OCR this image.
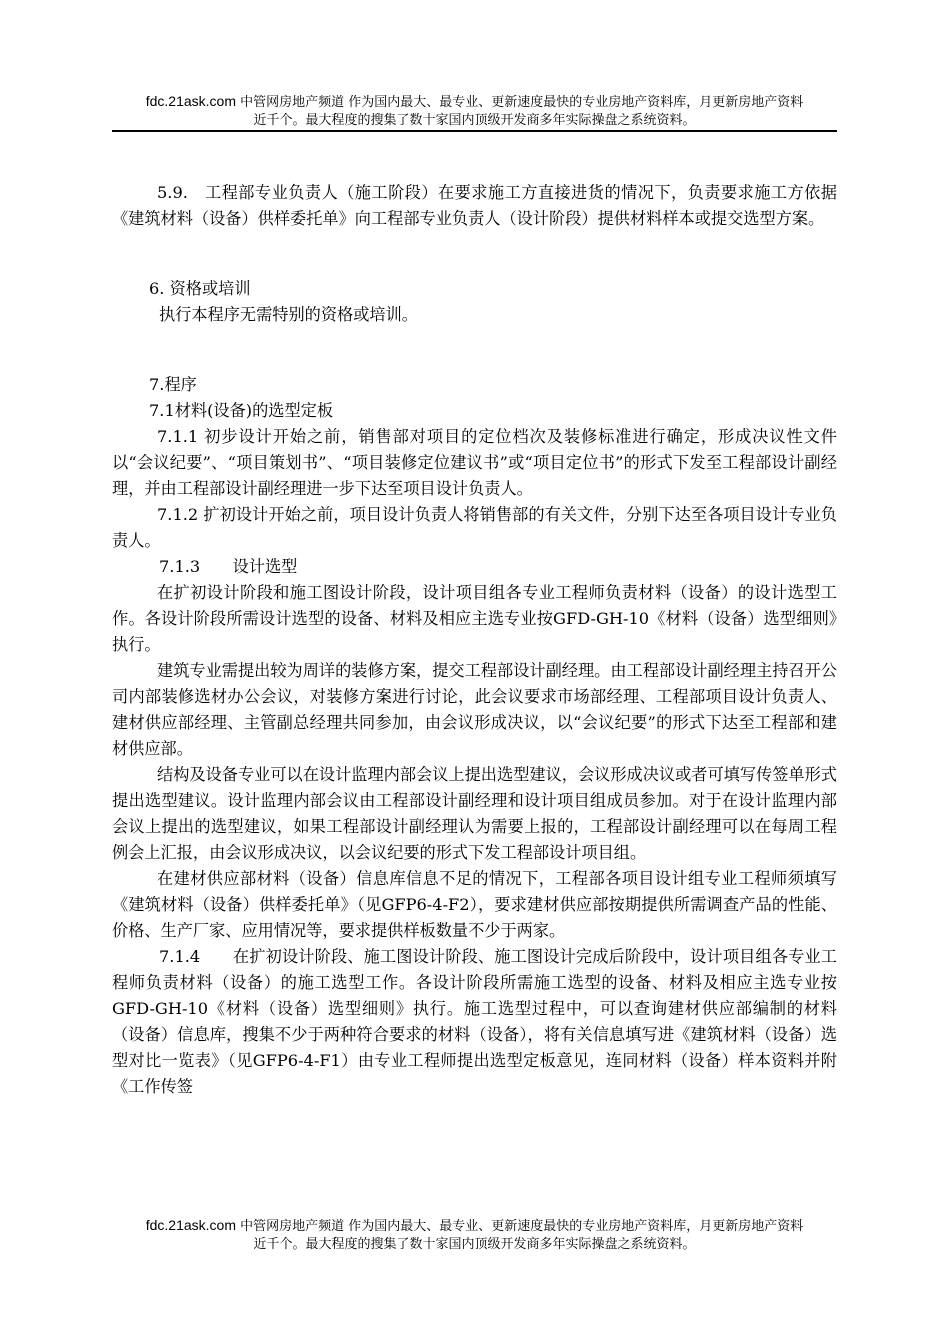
fdc.21ask.com 中管网房地产频道 作为国内最大、最专业、更新速度最快的专业房地产资料库，月更新房地产资料
近千个。最大程度的搜集了数十家国内顶级开发商多年实际操盘之系统资料。

5.9.　工程部专业负责人（施工阶段）在要求施工方直接进货的情况下，负责要求施工方依据《建筑材料（设备）供样委托单》向工程部专业负责人（设计阶段）提供材料样本或提交选型方案。

6. 资格或培训

执行本程序无需特别的资格或培训。

7.程序

7.1材料(设备)的选型定板

7.1.1 初步设计开始之前，销售部对项目的定位档次及装修标准进行确定，形成决议性文件以“会议纪要”、“项目策划书”、“项目装修定位建议书”或“项目定位书”的形式下发至工程部设计副经理，并由工程部设计副经理进一步下达至项目设计负责人。

7.1.2 扩初设计开始之前，项目设计负责人将销售部的有关文件，分别下达至各项目设计专业负责人。

7.1.3　　设计选型

在扩初设计阶段和施工图设计阶段，设计项目组各专业工程师负责材料（设备）的设计选型工作。各设计阶段所需设计选型的设备、材料及相应主选专业按GFD-GH-10《材料（设备）选型细则》执行。

建筑专业需提出较为周详的装修方案，提交工程部设计副经理。由工程部设计副经理主持召开公司内部装修选材办公会议，对装修方案进行讨论，此会议要求市场部经理、工程部项目设计负责人、建材供应部经理、主管副总经理共同参加，由会议形成决议，以“会议纪要”的形式下达至工程部和建材供应部。

结构及设备专业可以在设计监理内部会议上提出选型建议，会议形成决议或者可填写传签单形式提出选型建议。设计监理内部会议由工程部设计副经理和设计项目组成员参加。对于在设计监理内部会议上提出的选型建议，如果工程部设计副经理认为需要上报的，工程部设计副经理可以在每周工程例会上汇报，由会议形成决议，以会议纪要的形式下发工程部设计项目组。

在建材供应部材料（设备）信息库信息不足的情况下，工程部各项目设计组专业工程师须填写《建筑材料（设备）供样委托单》（见GFP6-4-F2），要求建材供应部按期提供所需调查产品的性能、价格、生产厂家、应用情况等，要求提供样板数量不少于两家。

7.1.4　　在扩初设计阶段、施工图设计阶段、施工图设计完成后阶段中，设计项目组各专业工程师负责材料（设备）的施工选型工作。各设计阶段所需施工选型的设备、材料及相应主选专业按GFD-GH-10《材料（设备）选型细则》执行。施工选型过程中，可以查询建材供应部编制的材料（设备）信息库，搜集不少于两种符合要求的材料（设备），将有关信息填写进《建筑材料（设备）选型对比一览表》（见GFP6-4-F1）由专业工程师提出选型定板意见，连同材料（设备）样本资料并附《工作传签

fdc.21ask.com 中管网房地产频道 作为国内最大、最专业、更新速度最快的专业房地产资料库，月更新房地产资料
近千个。最大程度的搜集了数十家国内顶级开发商多年实际操盘之系统资料。
